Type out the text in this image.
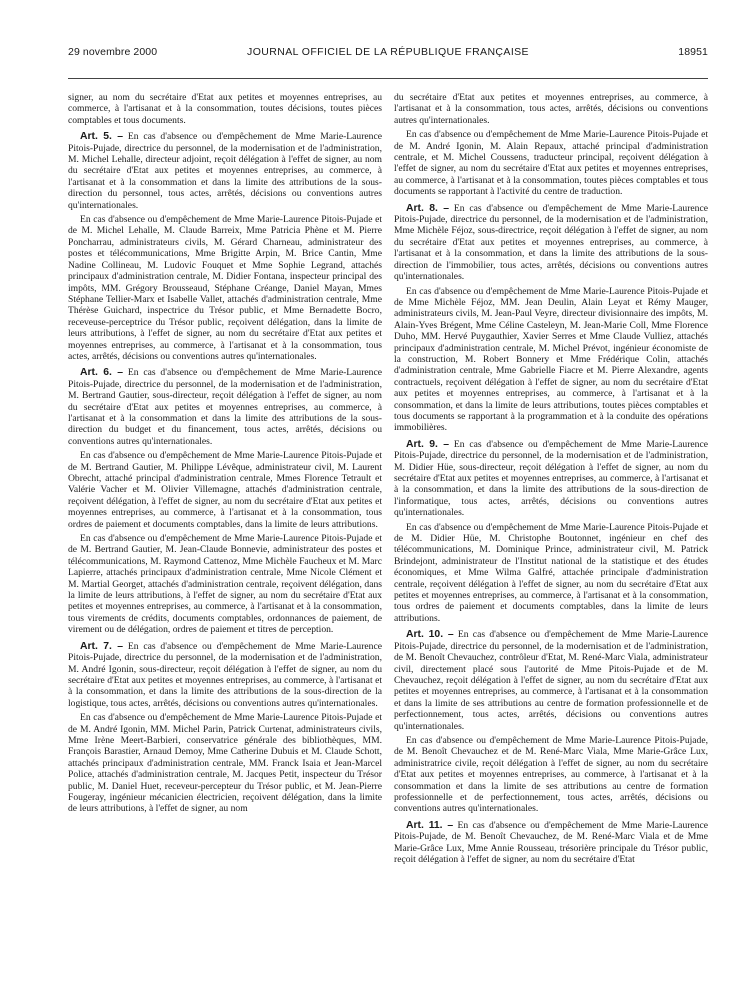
29 novembre 2000	JOURNAL OFFICIEL DE LA RÉPUBLIQUE FRANÇAISE	18951

signer, au nom du secrétaire d'Etat aux petites et moyennes entreprises, au commerce, à l'artisanat et à la consommation, toutes décisions, toutes pièces comptables et tous documents.

Art. 5. – En cas d'absence ou d'empêchement de Mme Marie-Laurence Pitois-Pujade, directrice du personnel, de la modernisation et de l'administration, M. Michel Lehalle, directeur adjoint, reçoit délégation à l'effet de signer, au nom du secrétaire d'Etat aux petites et moyennes entreprises, au commerce, à l'artisanat et à la consommation et dans la limite des attributions de la sous-direction du personnel, tous actes, arrêtés, décisions ou conventions autres qu'internationales.

En cas d'absence ou d'empêchement de Mme Marie-Laurence Pitois-Pujade et de M. Michel Lehalle, M. Claude Barreix, Mme Patricia Phène et M. Pierre Poncharrau, administrateurs civils, M. Gérard Charneau, administrateur des postes et télécommunications, Mme Brigitte Arpin, M. Brice Cantin, Mme Nadine Collineau, M. Ludovic Fouquet et Mme Sophie Legrand, attachés principaux d'administration centrale, M. Didier Fontana, inspecteur principal des impôts, MM. Grégory Brousseaud, Stéphane Créange, Daniel Mayan, Mmes Stéphane Tellier-Marx et Isabelle Vallet, attachés d'administration centrale, Mme Thérèse Guichard, inspectrice du Trésor public, et Mme Bernadette Bocro, receveuse-perceptrice du Trésor public, reçoivent délégation, dans la limite de leurs attributions, à l'effet de signer, au nom du secrétaire d'Etat aux petites et moyennes entreprises, au commerce, à l'artisanat et à la consommation, tous actes, arrêtés, décisions ou conventions autres qu'internationales.

Art. 6. – En cas d'absence ou d'empêchement de Mme Marie-Laurence Pitois-Pujade, directrice du personnel, de la modernisation et de l'administration, M. Bertrand Gautier, sous-directeur, reçoit délégation à l'effet de signer, au nom du secrétaire d'Etat aux petites et moyennes entreprises, au commerce, à l'artisanat et à la consommation et dans la limite des attributions de la sous-direction du budget et du financement, tous actes, arrêtés, décisions ou conventions autres qu'internationales.

En cas d'absence ou d'empêchement de Mme Marie-Laurence Pitois-Pujade et de M. Bertrand Gautier, M. Philippe Lévêque, administrateur civil, M. Laurent Obrecht, attaché principal d'administration centrale, Mmes Florence Tetrault et Valérie Vacher et M. Olivier Villemagne, attachés d'administration centrale, reçoivent délégation, à l'effet de signer, au nom du secrétaire d'Etat aux petites et moyennes entreprises, au commerce, à l'artisanat et à la consommation, tous ordres de paiement et documents comptables, dans la limite de leurs attributions.

En cas d'absence ou d'empêchement de Mme Marie-Laurence Pitois-Pujade et de M. Bertrand Gautier, M. Jean-Claude Bonnevie, administrateur des postes et télécommunications, M. Raymond Cattenoz, Mme Michèle Faucheux et M. Marc Lapierre, attachés principaux d'administration centrale, Mme Nicole Clément et M. Martial Georget, attachés d'administration centrale, reçoivent délégation, dans la limite de leurs attributions, à l'effet de signer, au nom du secrétaire d'Etat aux petites et moyennes entreprises, au commerce, à l'artisanat et à la consommation, tous virements de crédits, documents comptables, ordonnances de paiement, de virement ou de délégation, ordres de paiement et titres de perception.

Art. 7. – En cas d'absence ou d'empêchement de Mme Marie-Laurence Pitois-Pujade, directrice du personnel, de la modernisation et de l'administration, M. André Igonin, sous-directeur, reçoit délégation à l'effet de signer, au nom du secrétaire d'Etat aux petites et moyennes entreprises, au commerce, à l'artisanat et à la consommation, et dans la limite des attributions de la sous-direction de la logistique, tous actes, arrêtés, décisions ou conventions autres qu'internationales.

En cas d'absence ou d'empêchement de Mme Marie-Laurence Pitois-Pujade et de M. André Igonin, MM. Michel Parin, Patrick Curtenat, administrateurs civils, Mme Irène Meert-Barbieri, conservatrice générale des bibliothèques, MM. François Barastier, Arnaud Demoy, Mme Catherine Dubuis et M. Claude Schott, attachés principaux d'administration centrale, MM. Franck Isaia et Jean-Marcel Police, attachés d'administration centrale, M. Jacques Petit, inspecteur du Trésor public, M. Daniel Huet, receveur-percepteur du Trésor public, et M. Jean-Pierre Fougeray, ingénieur mécanicien électricien, reçoivent délégation, dans la limite de leurs attributions, à l'effet de signer, au nom

du secrétaire d'Etat aux petites et moyennes entreprises, au commerce, à l'artisanat et à la consommation, tous actes, arrêtés, décisions ou conventions autres qu'internationales.

En cas d'absence ou d'empêchement de Mme Marie-Laurence Pitois-Pujade et de M. André Igonin, M. Alain Repaux, attaché principal d'administration centrale, et M. Michel Coussens, traducteur principal, reçoivent délégation à l'effet de signer, au nom du secrétaire d'Etat aux petites et moyennes entreprises, au commerce, à l'artisanat et à la consommation, toutes pièces comptables et tous documents se rapportant à l'activité du centre de traduction.

Art. 8. – En cas d'absence ou d'empêchement de Mme Marie-Laurence Pitois-Pujade, directrice du personnel, de la modernisation et de l'administration, Mme Michèle Féjoz, sous-directrice, reçoit délégation à l'effet de signer, au nom du secrétaire d'Etat aux petites et moyennes entreprises, au commerce, à l'artisanat et à la consommation, et dans la limite des attributions de la sous-direction de l'immobilier, tous actes, arrêtés, décisions ou conventions autres qu'internationales.

En cas d'absence ou d'empêchement de Mme Marie-Laurence Pitois-Pujade et de Mme Michèle Féjoz, MM. Jean Deulin, Alain Leyat et Rémy Mauger, administrateurs civils, M. Jean-Paul Veyre, directeur divisionnaire des impôts, M. Alain-Yves Brégent, Mme Céline Casteleyn, M. Jean-Marie Coll, Mme Florence Duho, MM. Hervé Puygauthier, Xavier Serres et Mme Claude Vulliez, attachés principaux d'administration centrale, M. Michel Prévot, ingénieur économiste de la construction, M. Robert Bonnery et Mme Frédérique Colin, attachés d'administration centrale, Mme Gabrielle Fiacre et M. Pierre Alexandre, agents contractuels, reçoivent délégation à l'effet de signer, au nom du secrétaire d'Etat aux petites et moyennes entreprises, au commerce, à l'artisanat et à la consommation, et dans la limite de leurs attributions, toutes pièces comptables et tous documents se rapportant à la programmation et à la conduite des opérations immobilières.

Art. 9. – En cas d'absence ou d'empêchement de Mme Marie-Laurence Pitois-Pujade, directrice du personnel, de la modernisation et de l'administration, M. Didier Hüe, sous-directeur, reçoit délégation à l'effet de signer, au nom du secrétaire d'Etat aux petites et moyennes entreprises, au commerce, à l'artisanat et à la consommation, et dans la limite des attributions de la sous-direction de l'informatique, tous actes, arrêtés, décisions ou conventions autres qu'internationales.

En cas d'absence ou d'empêchement de Mme Marie-Laurence Pitois-Pujade et de M. Didier Hüe, M. Christophe Boutonnet, ingénieur en chef des télécommunications, M. Dominique Prince, administrateur civil, M. Patrick Brindejont, administrateur de l'Institut national de la statistique et des études économiques, et Mme Wilma Galfré, attachée principale d'administration centrale, reçoivent délégation à l'effet de signer, au nom du secrétaire d'Etat aux petites et moyennes entreprises, au commerce, à l'artisanat et à la consommation, tous ordres de paiement et documents comptables, dans la limite de leurs attributions.

Art. 10. – En cas d'absence ou d'empêchement de Mme Marie-Laurence Pitois-Pujade, directrice du personnel, de la modernisation et de l'administration, de M. Benoît Chevauchez, contrôleur d'Etat, M. René-Marc Viala, administrateur civil, directement placé sous l'autorité de Mme Pitois-Pujade et de M. Chevauchez, reçoit délégation à l'effet de signer, au nom du secrétaire d'Etat aux petites et moyennes entreprises, au commerce, à l'artisanat et à la consommation et dans la limite de ses attributions au centre de formation professionnelle et de perfectionnement, tous actes, arrêtés, décisions ou conventions autres qu'internationales.

En cas d'absence ou d'empêchement de Mme Marie-Laurence Pitois-Pujade, de M. Benoît Chevauchez et de M. René-Marc Viala, Mme Marie-Grâce Lux, administratrice civile, reçoit délégation à l'effet de signer, au nom du secrétaire d'Etat aux petites et moyennes entreprises, au commerce, à l'artisanat et à la consommation et dans la limite de ses attributions au centre de formation professionnelle et de perfectionnement, tous actes, arrêtés, décisions ou conventions autres qu'internationales.

Art. 11. – En cas d'absence ou d'empêchement de Mme Marie-Laurence Pitois-Pujade, de M. Benoît Chevauchez, de M. René-Marc Viala et de Mme Marie-Grâce Lux, Mme Annie Rousseau, trésorière principale du Trésor public, reçoit délégation à l'effet de signer, au nom du secrétaire d'Etat
